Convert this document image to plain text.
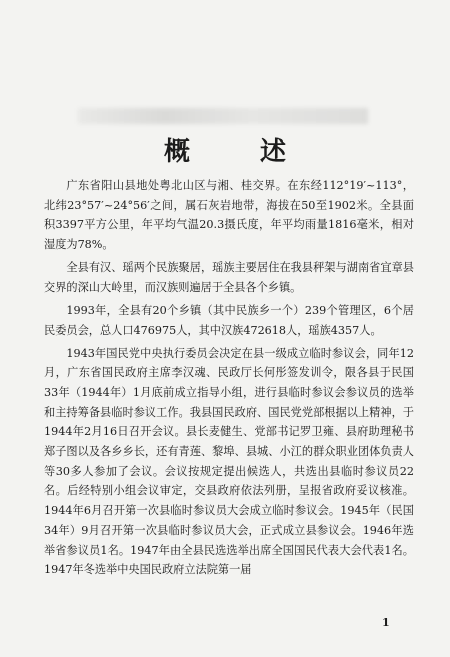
概　述

广东省阳山县地处粤北山区与湘、桂交界。在东经112°19′~113°，北纬23°57′~24°56′之间，属石灰岩地带，海拔在50至1902米。全县面积3397平方公里，年平均气温20.3摄氏度，年平均雨量1816毫米，相对湿度为78%。

全县有汉、瑶两个民族聚居，瑶族主要居住在我县秤架与湖南省宜章县交界的深山大岭里，而汉族则遍居于全县各个乡镇。

1993年，全县有20个乡镇（其中民族乡一个）239个管理区，6个居民委员会，总人口476975人，其中汉族472618人，瑶族4357人。

1943年国民党中央执行委员会决定在县一级成立临时参议会，同年12月，广东省国民政府主席李汉魂、民政厅长何彤签发训令，限各县于民国33年（1944年）1月底前成立指导小组，进行县临时参议会参议员的选举和主持筹备县临时参议工作。我县国民政府、国民党党部根据以上精神，于1944年2月16日召开会议。县长麦健生、党部书记罗卫雍、县府助理秘书郑子图以及各乡乡长，还有青莲、黎埠、县城、小江的群众职业团体负责人等30多人参加了会议。会议按规定提出候选人，共选出县临时参议员22名。后经特别小组会议审定，交县政府依法列册，呈报省政府妥议核准。1944年6月召开第一次县临时参议员大会成立临时参议会。1945年（民国34年）9月召开第一次县临时参议员大会，正式成立县参议会。1946年选举省参议员1名。1947年由全县民选选举出席全国国民代表大会代表1名。1947年冬选举中央国民政府立法院第一届

1
